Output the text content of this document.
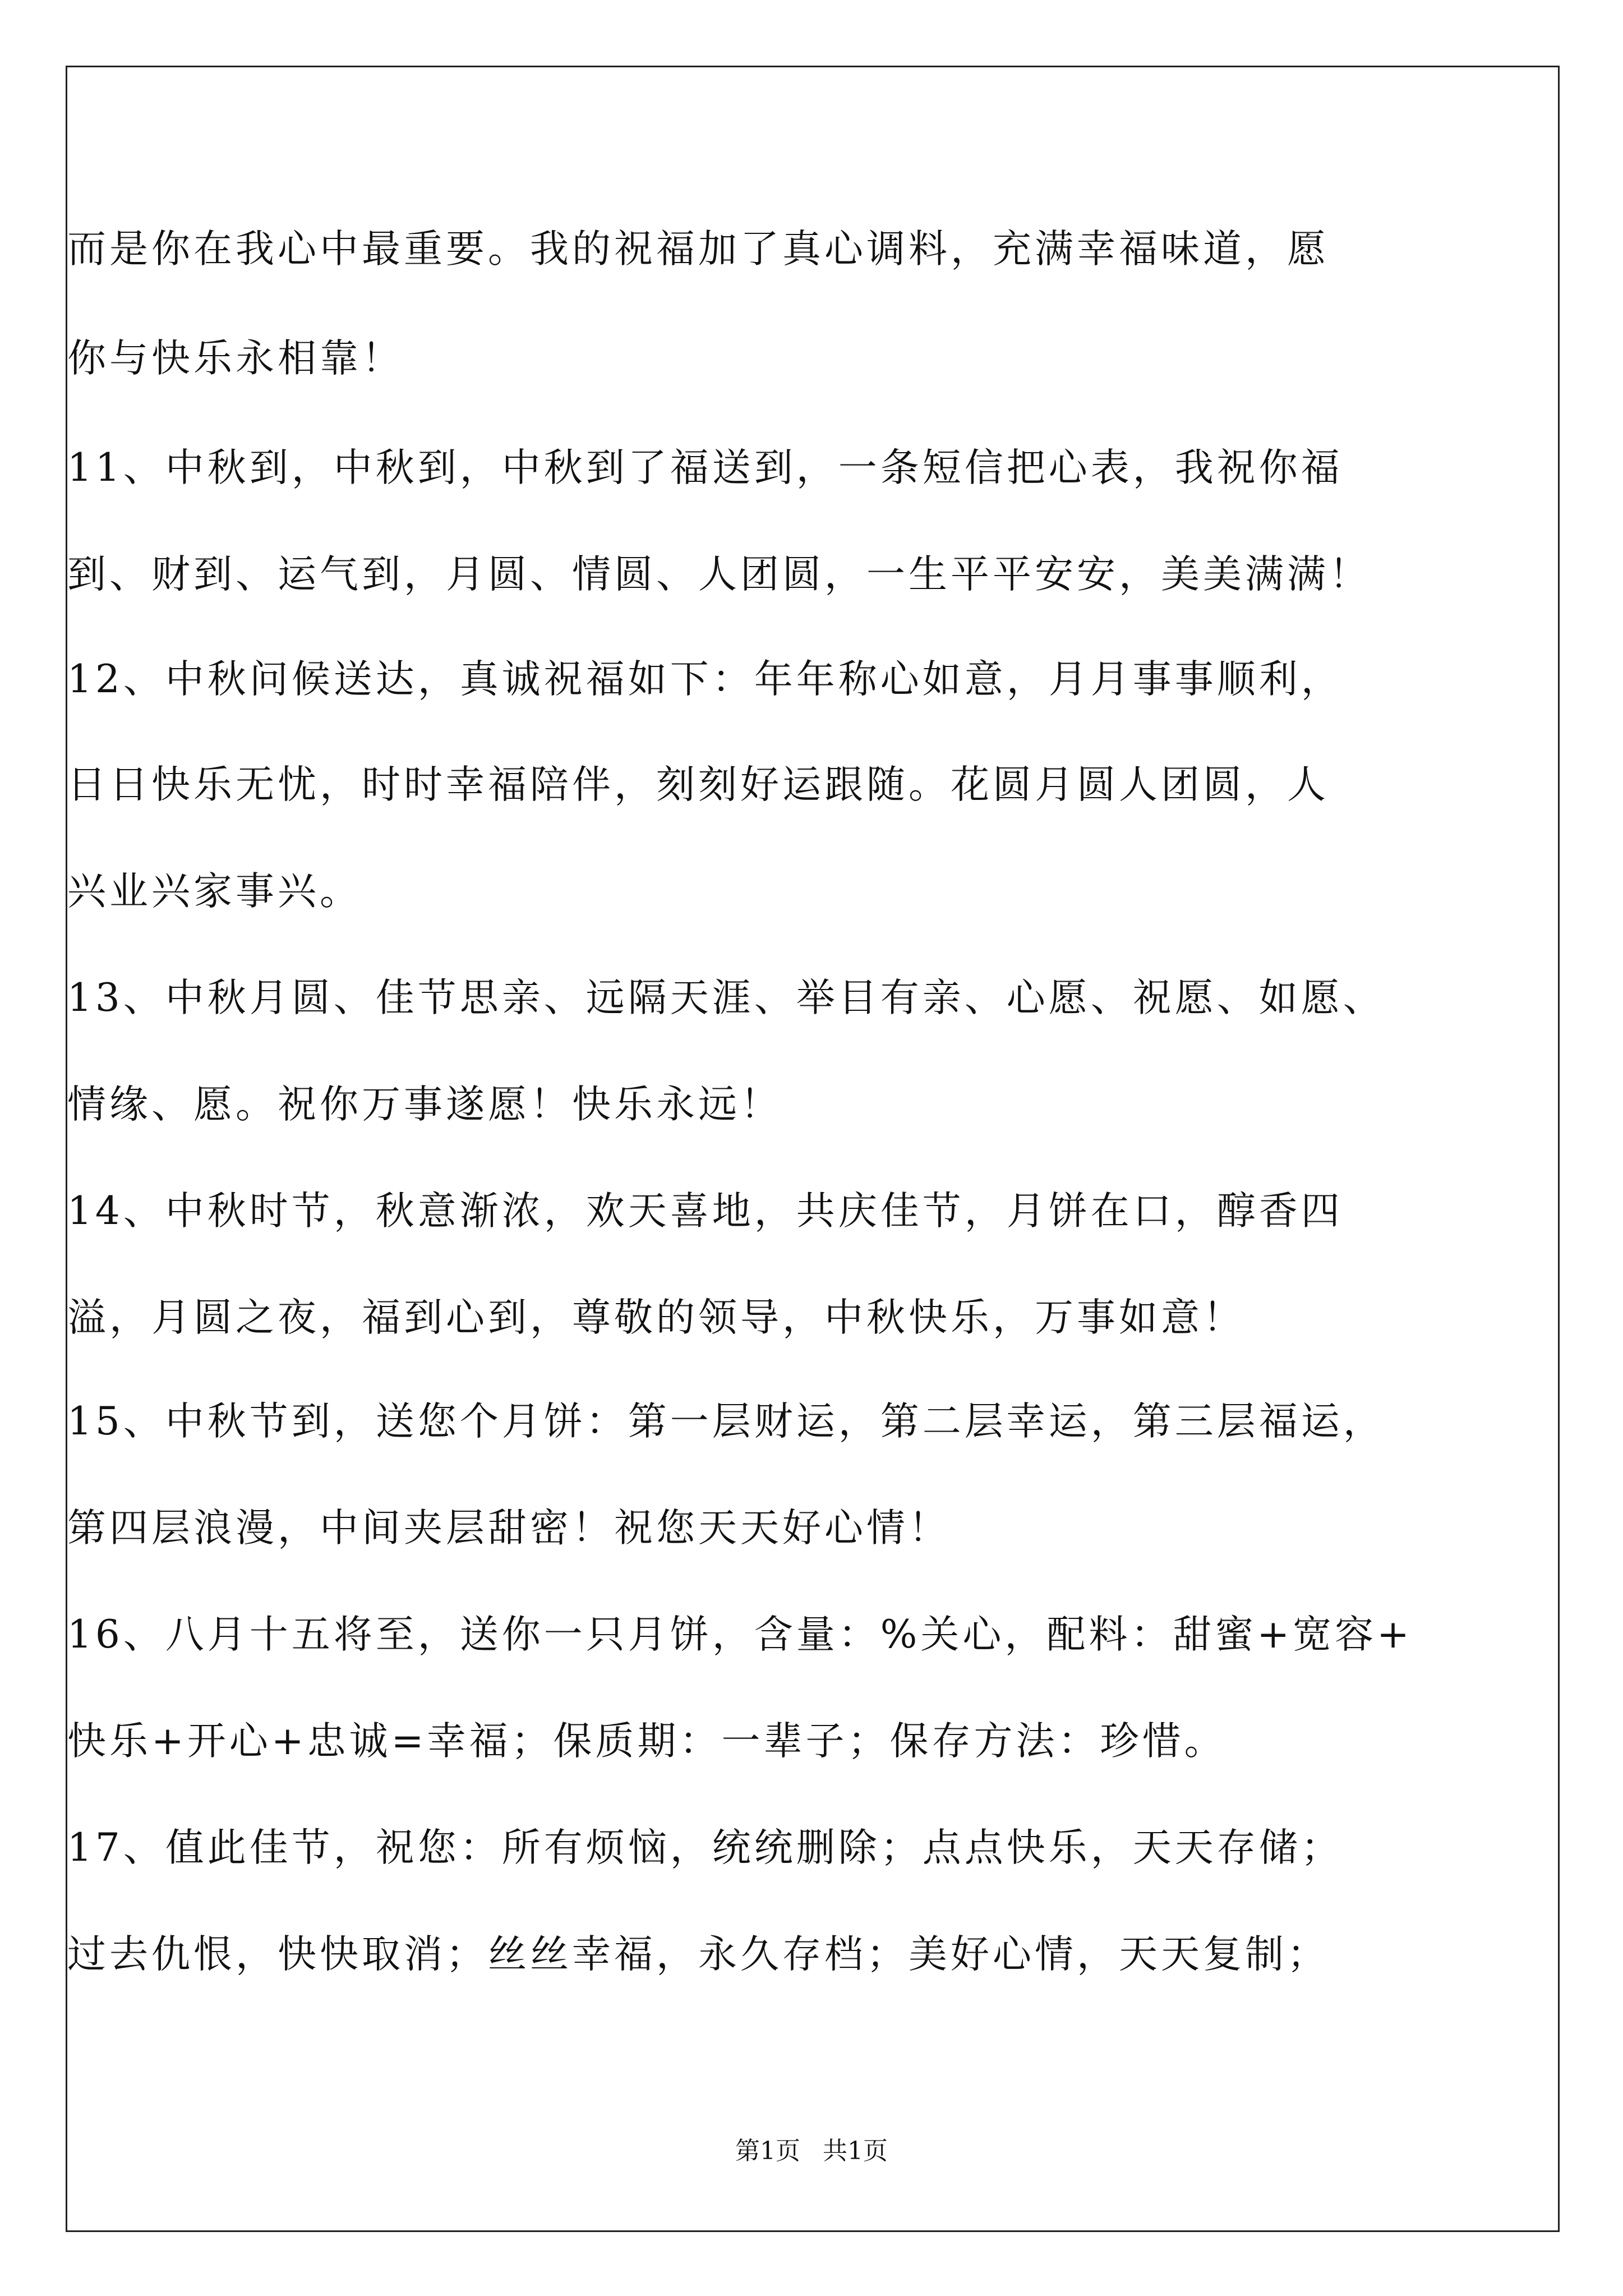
而是你在我心中最重要。我的祝福加了真心调料，充满幸福味道，愿

你与快乐永相靠！

11、中秋到，中秋到，中秋到了福送到，一条短信把心表，我祝你福

到、财到、运气到，月圆、情圆、人团圆，一生平平安安，美美满满！

12、中秋问候送达，真诚祝福如下：年年称心如意，月月事事顺利，

日日快乐无忧，时时幸福陪伴，刻刻好运跟随。花圆月圆人团圆，人

兴业兴家事兴。

13、中秋月圆、佳节思亲、远隔天涯、举目有亲、心愿、祝愿、如愿、

情缘、愿。祝你万事遂愿！快乐永远！

14、中秋时节，秋意渐浓，欢天喜地，共庆佳节，月饼在口，醇香四

溢，月圆之夜，福到心到，尊敬的领导，中秋快乐，万事如意！

15、中秋节到，送您个月饼：第一层财运，第二层幸运，第三层福运，

第四层浪漫，中间夹层甜密！祝您天天好心情！

16、八月十五将至，送你一只月饼，含量：%关心，配料：甜蜜+宽容+

快乐+开心+忠诚=幸福；保质期：一辈子；保存方法：珍惜。

17、值此佳节，祝您：所有烦恼，统统删除；点点快乐，天天存储；

过去仇恨，快快取消；丝丝幸福，永久存档；美好心情，天天复制；

第1页 共1页
